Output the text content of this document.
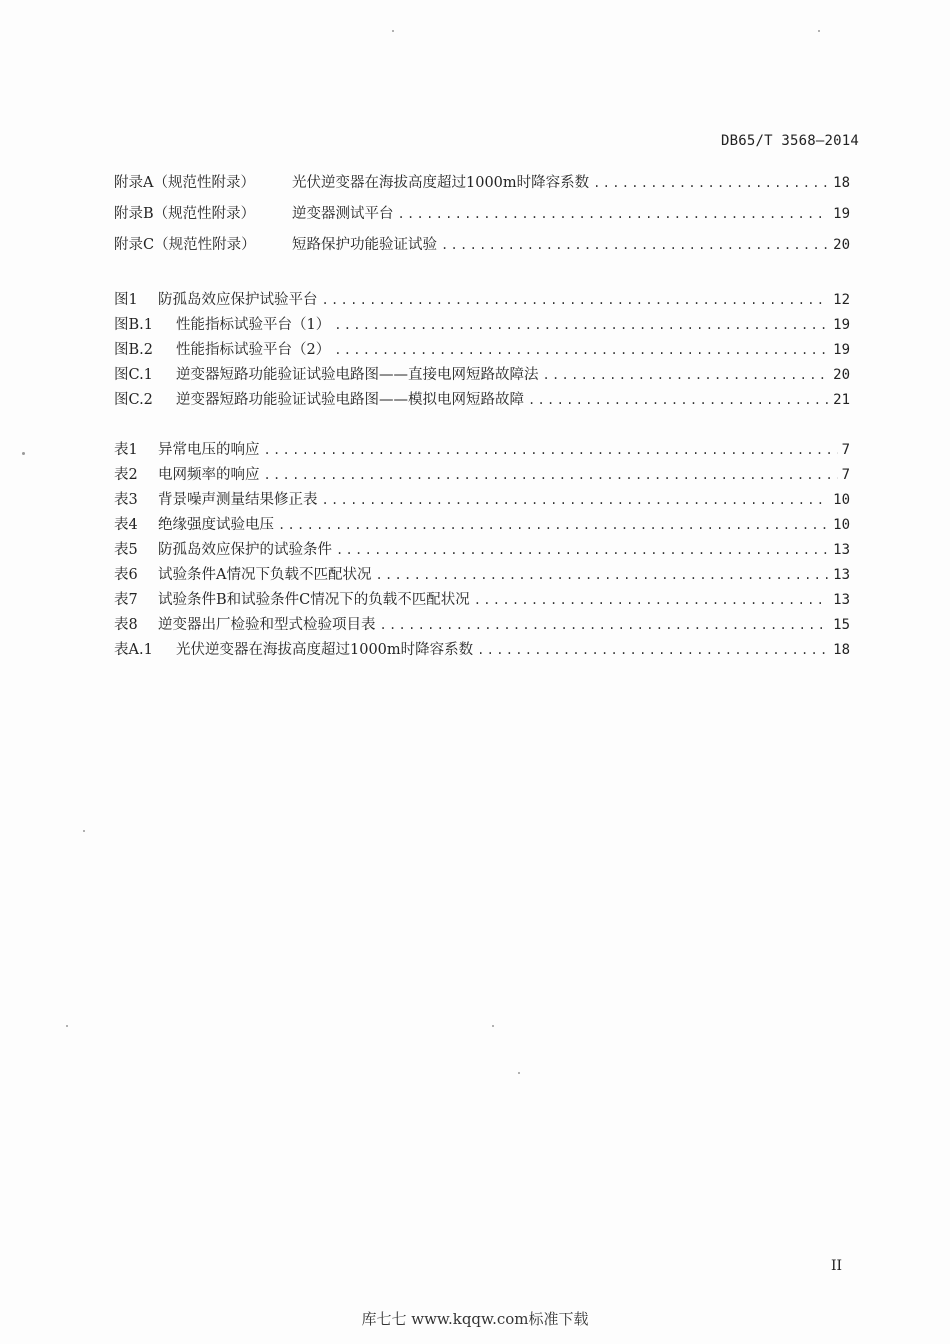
DB65/T 3568—2014
附录A（规范性附录）	光伏逆变器在海拔高度超过1000m时降容系数 .....	18
附录B（规范性附录）	逆变器测试平台 .....	19
附录C（规范性附录）	短路保护功能验证试验 .....	20
图1	防孤岛效应保护试验平台 .....	12
图B.1	性能指标试验平台（1） .....	19
图B.2	性能指标试验平台（2） .....	19
图C.1	逆变器短路功能验证试验电路图——直接电网短路故障法 .....	20
图C.2	逆变器短路功能验证试验电路图——模拟电网短路故障 .....	21
表1	异常电压的响应 .....	7
表2	电网频率的响应 .....	7
表3	背景噪声测量结果修正表 .....	10
表4	绝缘强度试验电压 .....	10
表5	防孤岛效应保护的试验条件 .....	13
表6	试验条件A情况下负载不匹配状况 .....	13
表7	试验条件B和试验条件C情况下的负载不匹配状况 .....	13
表8	逆变器出厂检验和型式检验项目表 .....	15
表A.1	光伏逆变器在海拔高度超过1000m时降容系数 .....	18
II
库七七 www.kqqw.com标准下载
